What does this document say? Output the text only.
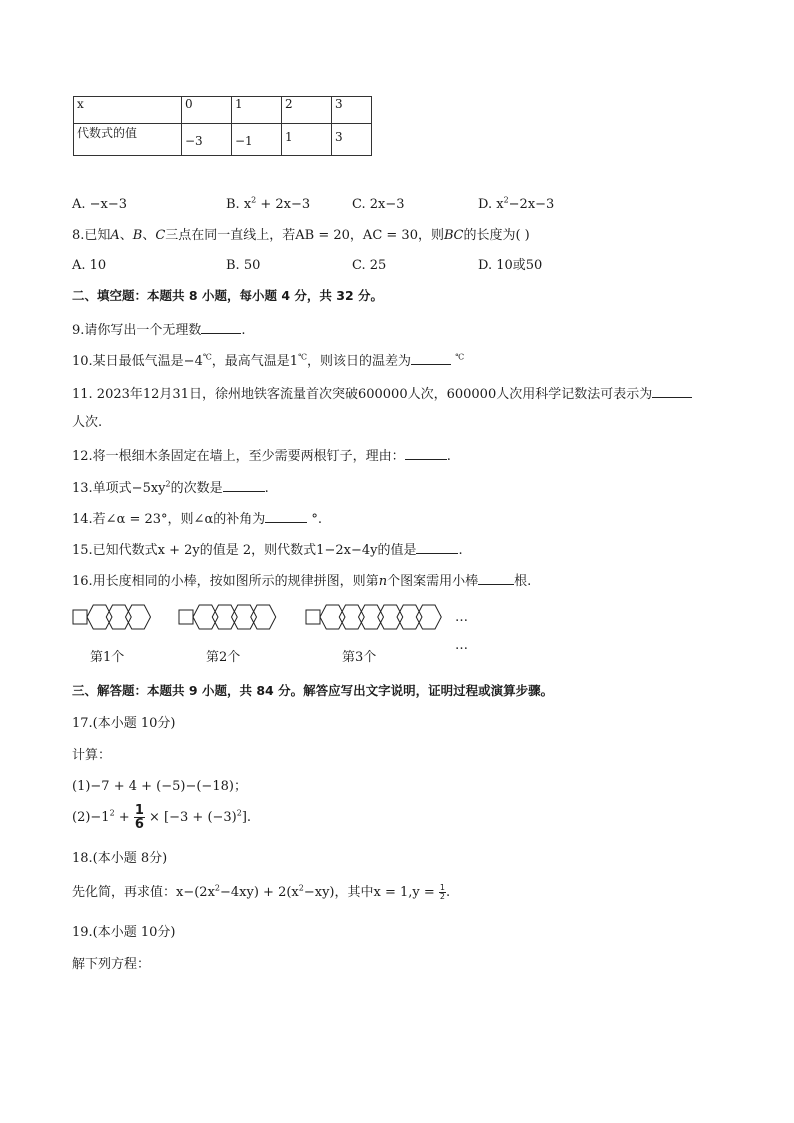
x	0	1	2	3
代数式的值	−3	−1	1	3
A. −x−3	B. $x^2 + 2x-3$	C. 2x−3	D. $x^2-2x-3$
8.已知𝐴、𝐵、𝐶三点在同一直线上，若AB = 20，AC = 30，则𝐵𝐶的长度为( )
A. 10	B. 50	C. 25	D. 10或50
二、填空题：本题共 8 小题，每小题 4 分，共 32 分。
9.请你写出一个无理数	.
10.某日最低气温是−4℃，最高气温是1℃，则该日的温差为	℃
11. 2023年12月31日，徐州地铁客流量首次突破600000人次，600000人次用科学记数法可表示为
人次.
12.将一根细木条固定在墙上，至少需要两根钉子，理由：	.
13.单项式$-5xy^2$的次数是	.
14.若∠α = 23°，则∠α的补角为	°.
15.已知代数式x + 2y的值是 2，则代数式1−2x−4y的值是	.
16.用长度相同的小棒，按如图所示的规律拼图，则第𝑛个图案需用小棒	根.
第1个	第2个	第3个
…
…
三、解答题：本题共 9 小题，共 84 分。解答应写出文字说明，证明过程或演算步骤。
17.(本小题 10分)
计算：
(1)−7 + 4 + (−5)−(−18)；
$(2)-1^2 + \frac{1}{6} \times [-3 + (-3)^2]$.
18.(本小题 8分)
先化简，再求值：$x-(2x^2-4xy) + 2(x^2-xy)$，其中$x = 1,y = \frac{1}{2}$ .
19.(本小题 10分)
解下列方程：
